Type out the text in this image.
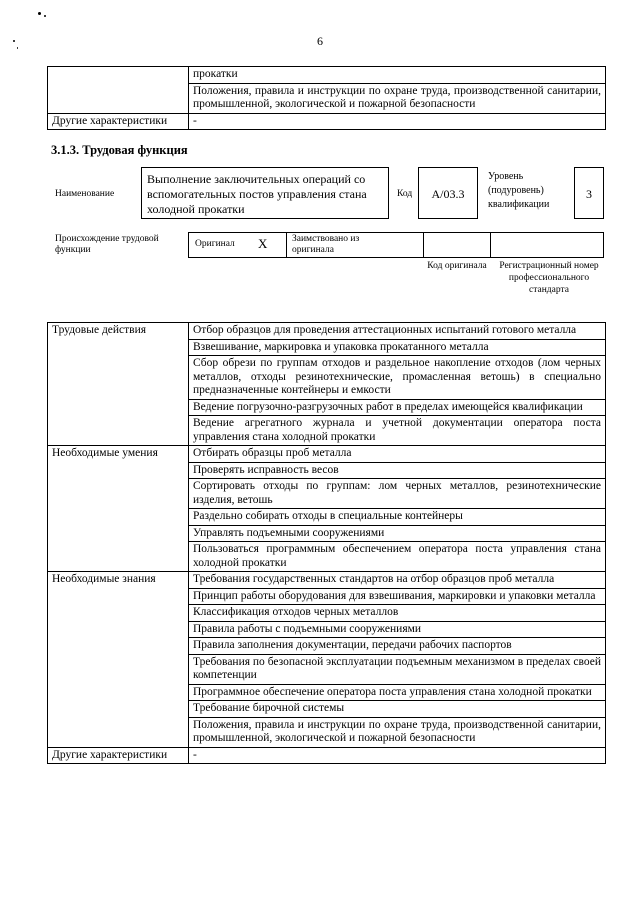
6
	прокатки
	Положения, правила и инструкции по охране труда, производственной санитарии, промышленной, экологической и пожарной безопасности
Другие характеристики	-
3.1.3. Трудовая функция
Наименование
Выполнение заключительных операций со вспомогательных постов управления стана холодной прокатки
Код	А/03.3
Уровень (подуровень) квалификации
3
Происхождение трудовой функции
Оригинал X	Заимствовано из оригинала
Код оригинала Регистрационный номер профессионального стандарта
Трудовые действия	Отбор образцов для проведения аттестационных испытаний готового металла
	Взвешивание, маркировка и упаковка прокатанного металла
	Сбор обрези по группам отходов и раздельное накопление отходов (лом черных металлов, отходы резинотехнические, промасленная ветошь) в специально предназначенные контейнеры и емкости
	Ведение погрузочно-разгрузочных работ в пределах имеющейся квалификации
	Ведение агрегатного журнала и учетной документации оператора поста управления стана холодной прокатки
Необходимые умения	Отбирать образцы проб металла
	Проверять исправность весов
	Сортировать отходы по группам: лом черных металлов, резинотехнические изделия, ветошь
	Раздельно собирать отходы в специальные контейнеры
	Управлять подъемными сооружениями
	Пользоваться программным обеспечением оператора поста управления стана холодной прокатки
Необходимые знания	Требования государственных стандартов на отбор образцов проб металла
	Принцип работы оборудования для взвешивания, маркировки и упаковки металла
	Классификация отходов черных металлов
	Правила работы с подъемными сооружениями
	Правила заполнения документации, передачи рабочих паспортов
	Требования по безопасной эксплуатации подъемным механизмом в пределах своей компетенции
	Программное обеспечение оператора поста управления стана холодной прокатки
	Требование бирочной системы
	Положения, правила и инструкции по охране труда, производственной санитарии, промышленной, экологической и пожарной безопасности
Другие характеристики	-
